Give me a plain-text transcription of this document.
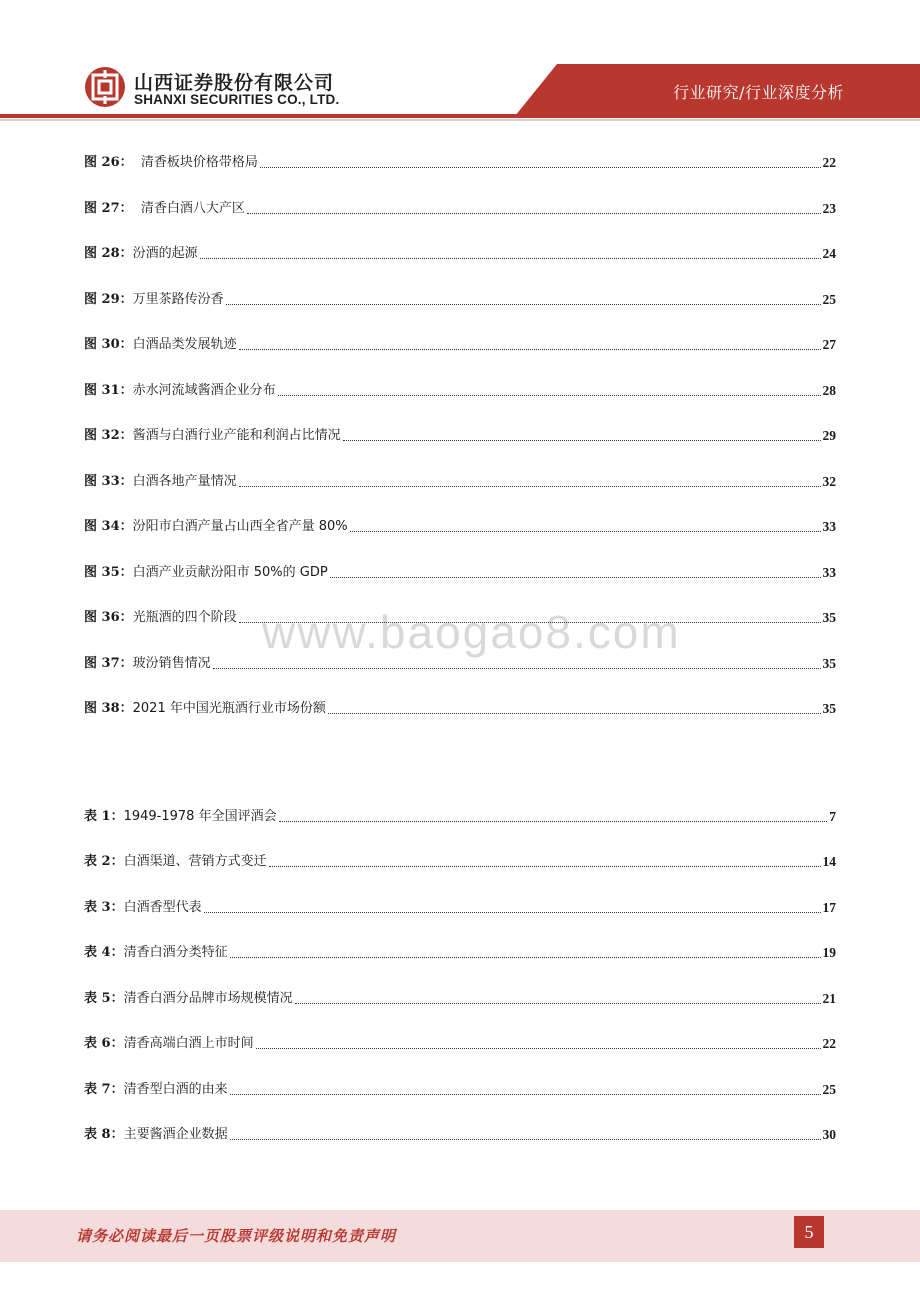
山西证券股份有限公司
SHANXI SECURITIES CO., LTD.	行业研究/行业深度分析
www.baogao8.com
图 26： 清香板块价格带格局	22
图 27： 清香白酒八大产区	23
图 28： 汾酒的起源	24
图 29： 万里茶路传汾香	25
图 30： 白酒品类发展轨迹	27
图 31： 赤水河流域酱酒企业分布	28
图 32： 酱酒与白酒行业产能和利润占比情况	29
图 33： 白酒各地产量情况	32
图 34： 汾阳市白酒产量占山西全省产量 80%	33
图 35： 白酒产业贡献汾阳市 50%的 GDP	33
图 36： 光瓶酒的四个阶段	35
图 37： 玻汾销售情况	35
图 38： 2021 年中国光瓶酒行业市场份额	35
表 1： 1949-1978 年全国评酒会	7
表 2： 白酒渠道、营销方式变迁	14
表 3： 白酒香型代表	17
表 4： 清香白酒分类特征	19
表 5： 清香白酒分品牌市场规模情况	21
表 6： 清香高端白酒上市时间	22
表 7： 清香型白酒的由来	25
表 8： 主要酱酒企业数据	30
请务必阅读最后一页股票评级说明和免责声明	5
